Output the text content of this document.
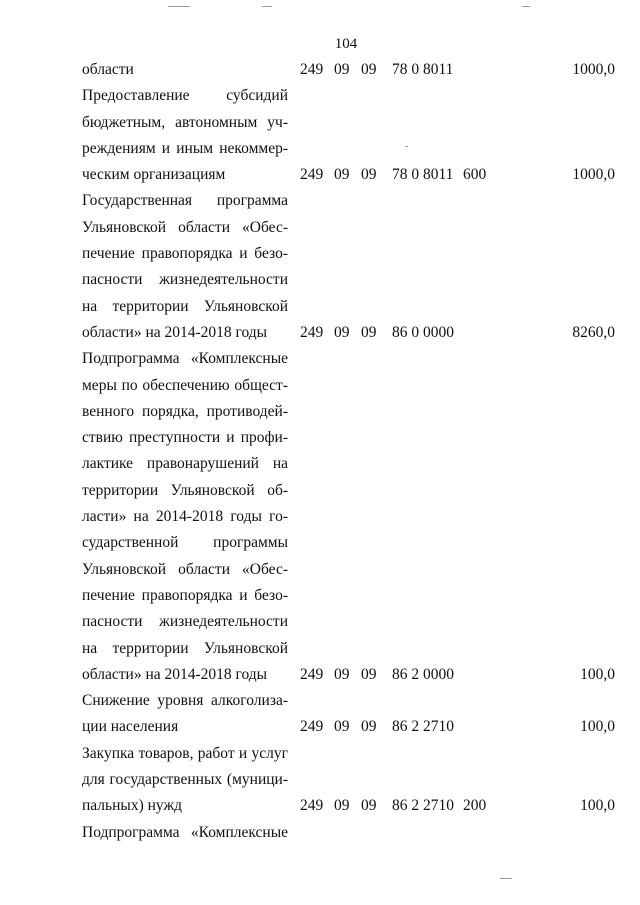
104
области	249 09 09 78 0 8011	1000,0
Предоставление субсидий
бюджетным, автономным уч-
реждениям и иным некоммер-
ческим организациям	249 09 09 78 0 8011 600	1000,0
Государственная программа
Ульяновской области «Обес-
печение правопорядка и безо-
пасности жизнедеятельности
на территории Ульяновской
области» на 2014-2018 годы	249 09 09 86 0 0000	8260,0
Подпрограмма «Комплексные
меры по обеспечению общест-
венного порядка, противодей-
ствию преступности и профи-
лактике правонарушений на
территории Ульяновской об-
ласти» на 2014-2018 годы го-
сударственной программы
Ульяновской области «Обес-
печение правопорядка и безо-
пасности жизнедеятельности
на территории Ульяновской
области» на 2014-2018 годы	249 09 09 86 2 0000	100,0
Снижение уровня алкоголиза-
ции населения	249 09 09 86 2 2710	100,0
Закупка товаров, работ и услуг
для государственных (муници-
пальных) нужд	249 09 09 86 2 2710 200	100,0
Подпрограмма «Комплексные
